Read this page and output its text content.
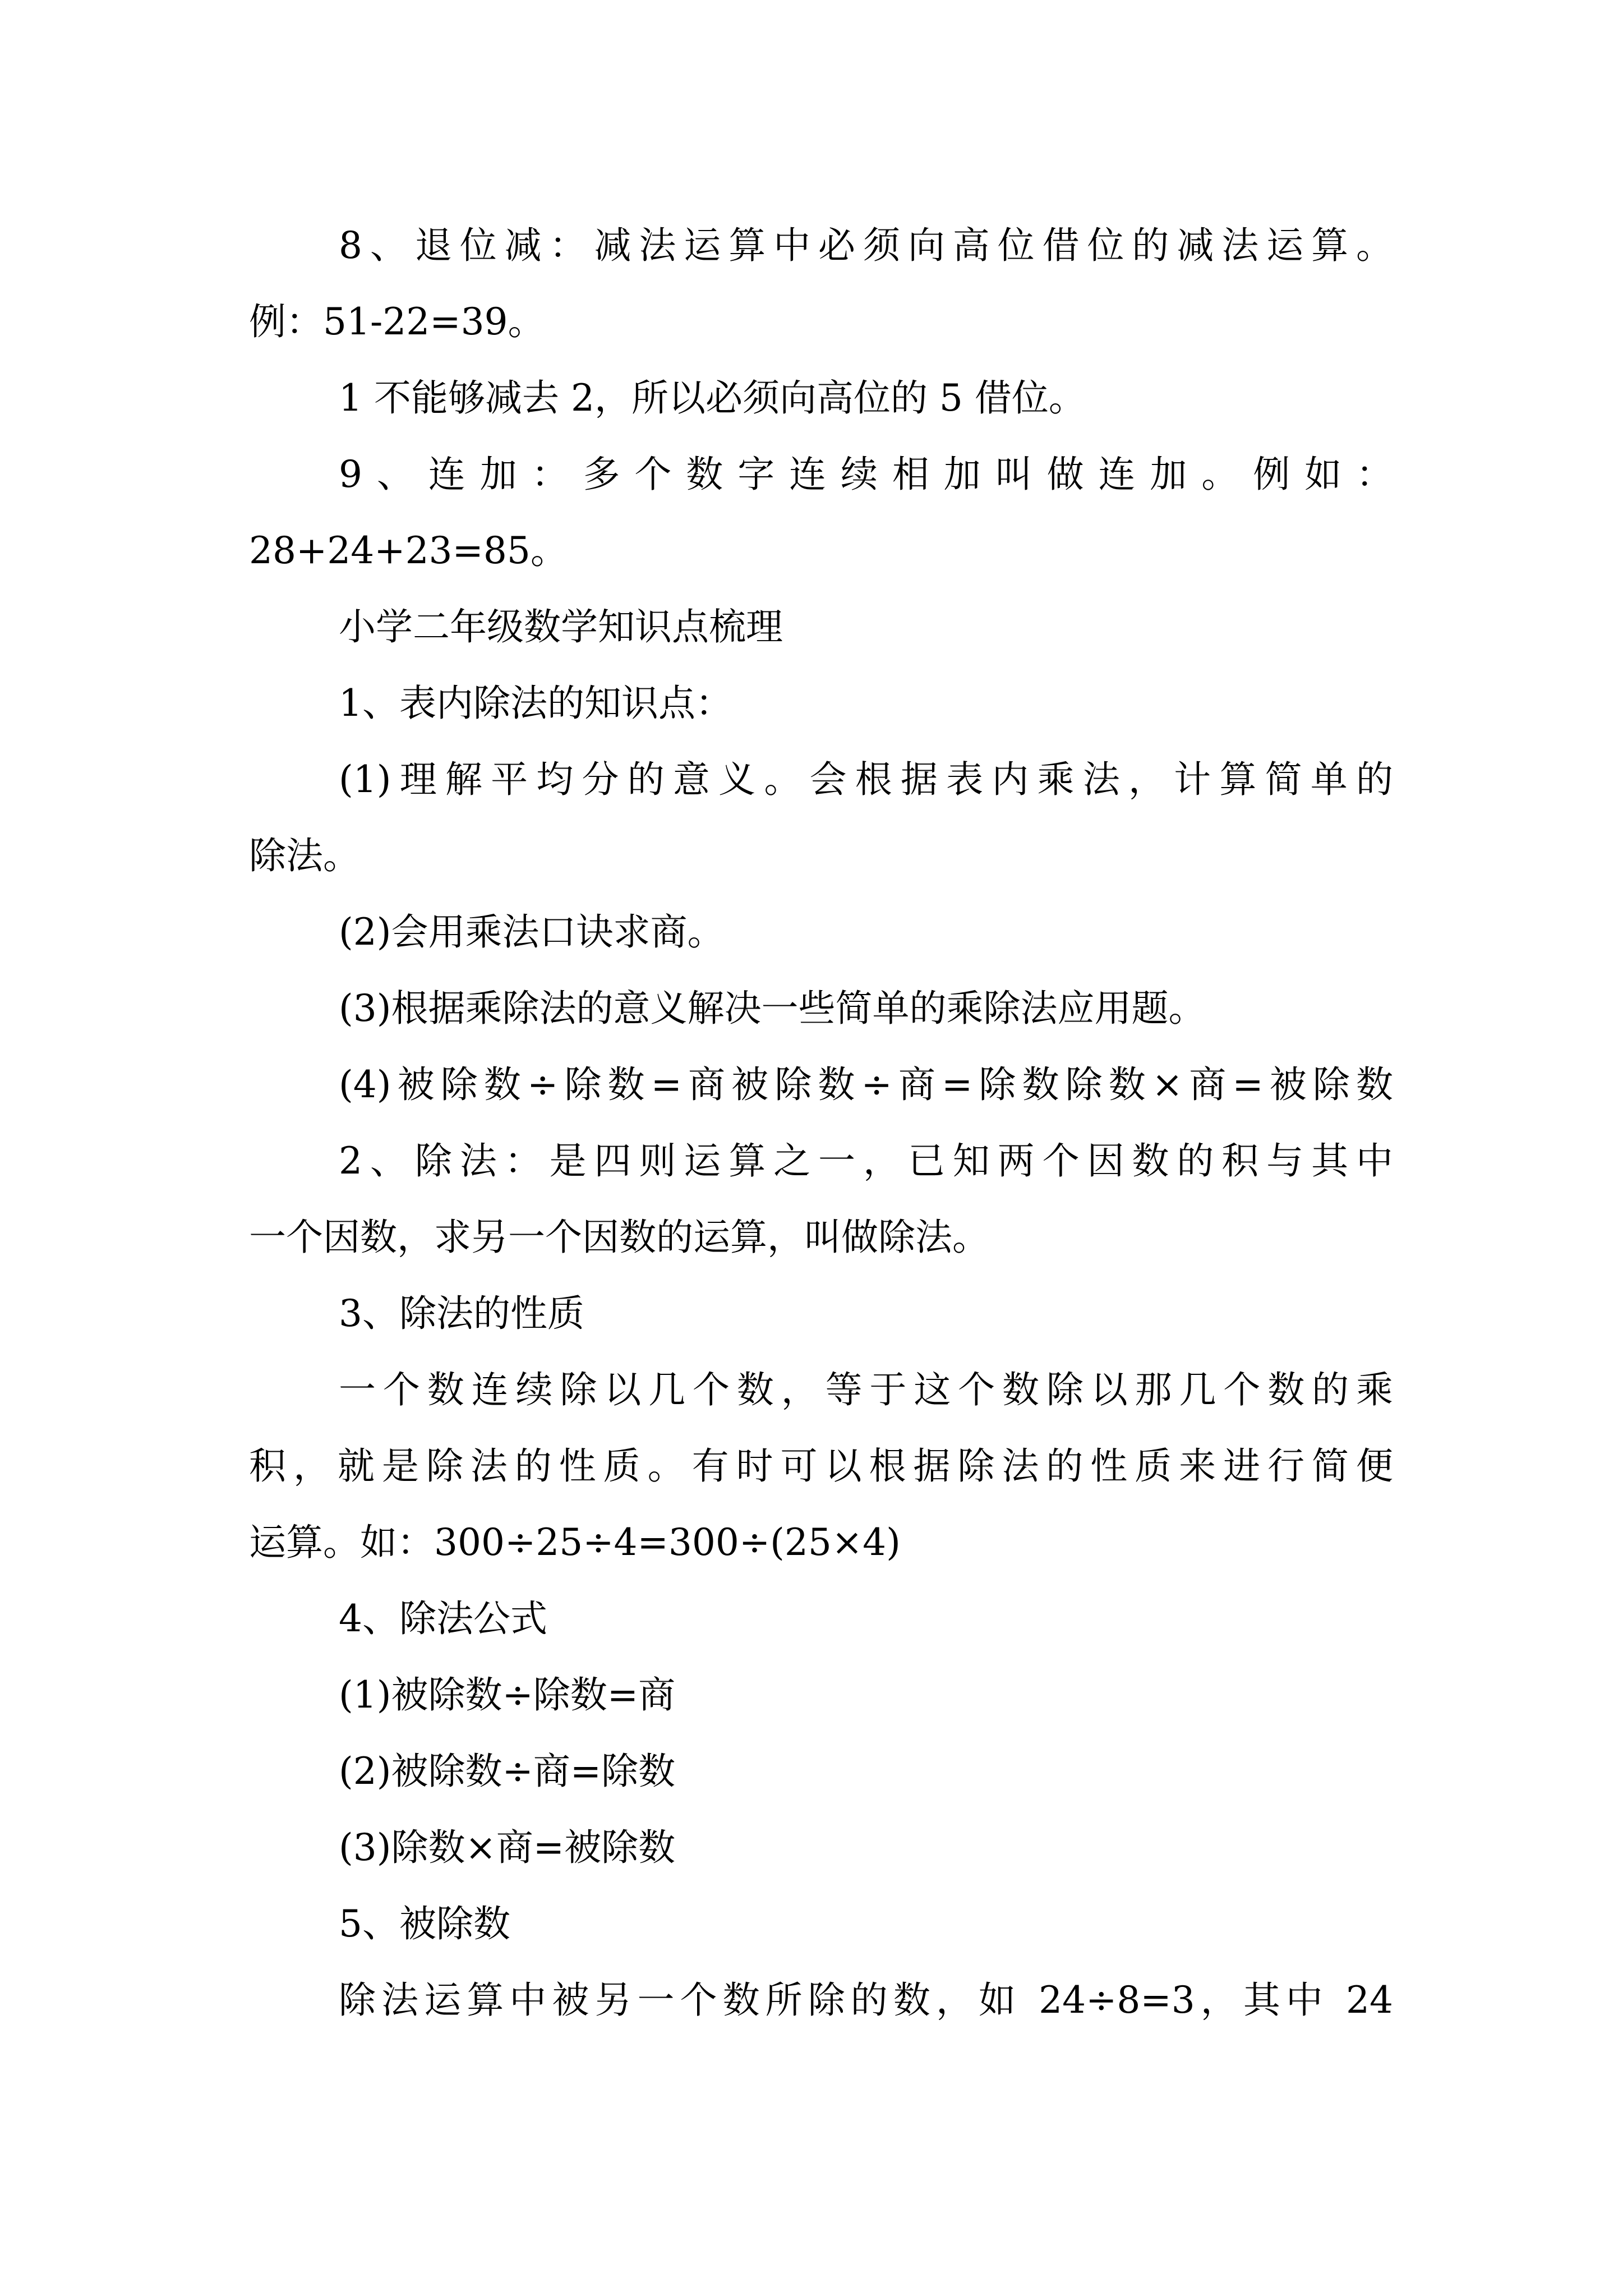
8、退位减：减法运算中必须向高位借位的减法运算。
例：51-22=39。
1 不能够减去 2，所以必须向高位的 5 借位。
9、连加：多个数字连续相加叫做连加。例如：
28+24+23=85。
小学二年级数学知识点梳理
1、表内除法的知识点：
(1)理解平均分的意义。会根据表内乘法，计算简单的
除法。
(2)会用乘法口诀求商。
(3)根据乘除法的意义解决一些简单的乘除法应用题。
(4)被除数÷除数=商被除数÷商=除数除数×商=被除数
2、除法：是四则运算之一，已知两个因数的积与其中
一个因数，求另一个因数的运算，叫做除法。
3、除法的性质
一个数连续除以几个数，等于这个数除以那几个数的乘
积，就是除法的性质。有时可以根据除法的性质来进行简便
运算。如：300÷25÷4=300÷(25×4)
4、除法公式
(1)被除数÷除数=商
(2)被除数÷商=除数
(3)除数×商=被除数
5、被除数
除法运算中被另一个数所除的数，如 24÷8=3，其中 24
